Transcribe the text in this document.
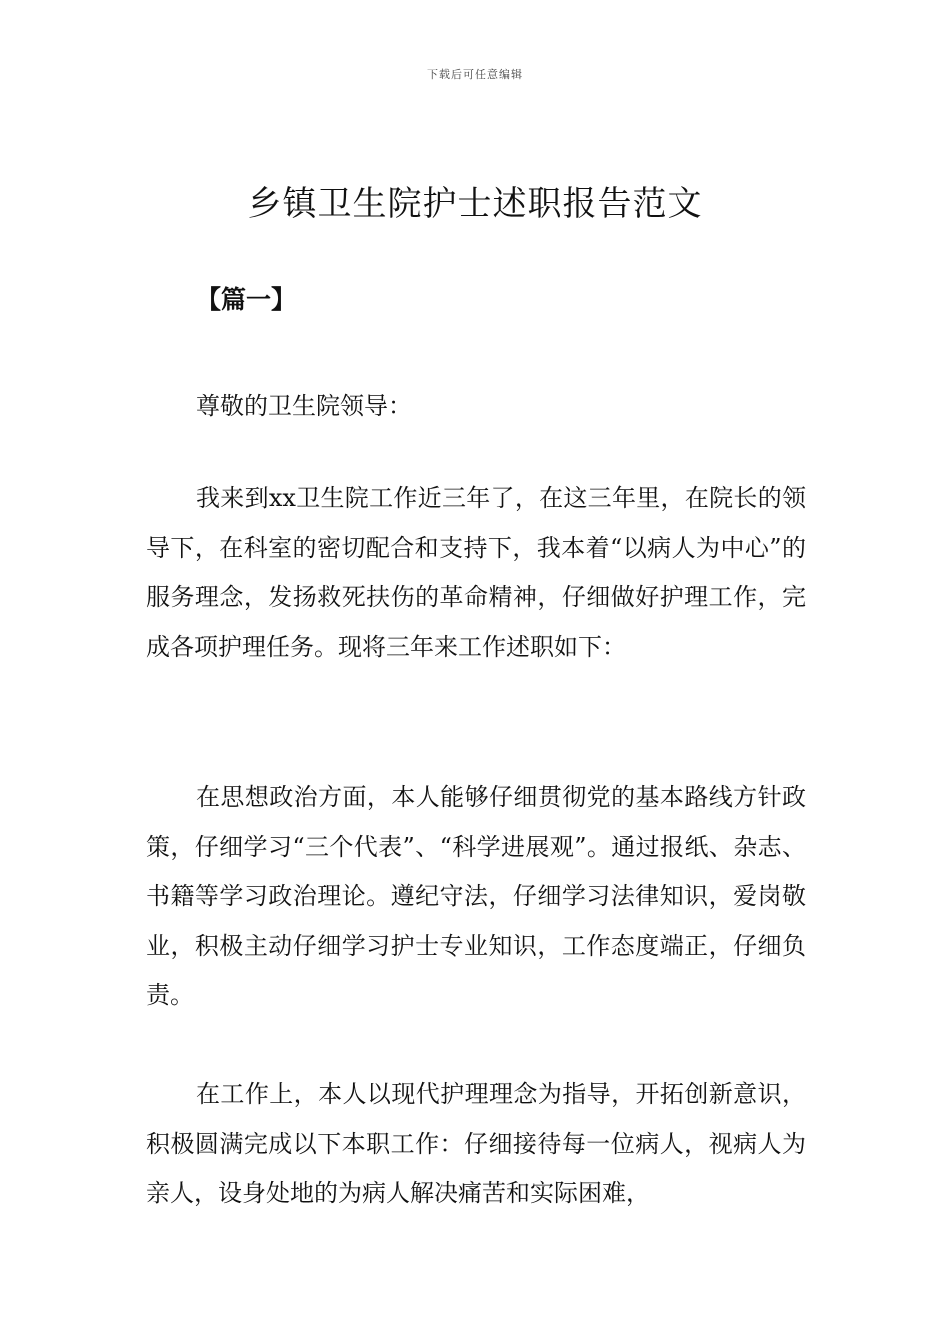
下载后可任意编辑
乡镇卫生院护士述职报告范文
【篇一】
尊敬的卫生院领导：

我来到xx卫生院工作近三年了，在这三年里，在院长的领导下，在科室的密切配合和支持下，我本着“以病人为中心”的服务理念，发扬救死扶伤的革命精神，仔细做好护理工作，完成各项护理任务。现将三年来工作述职如下：

在思想政治方面，本人能够仔细贯彻党的基本路线方针政策，仔细学习“三个代表”、“科学进展观”。通过报纸、杂志、书籍等学习政治理论。遵纪守法，仔细学习法律知识，爱岗敬业，积极主动仔细学习护士专业知识，工作态度端正，仔细负责。

在工作上，本人以现代护理理念为指导，开拓创新意识，积极圆满完成以下本职工作：仔细接待每一位病人，视病人为亲人，设身处地的为病人解决痛苦和实际困难，
